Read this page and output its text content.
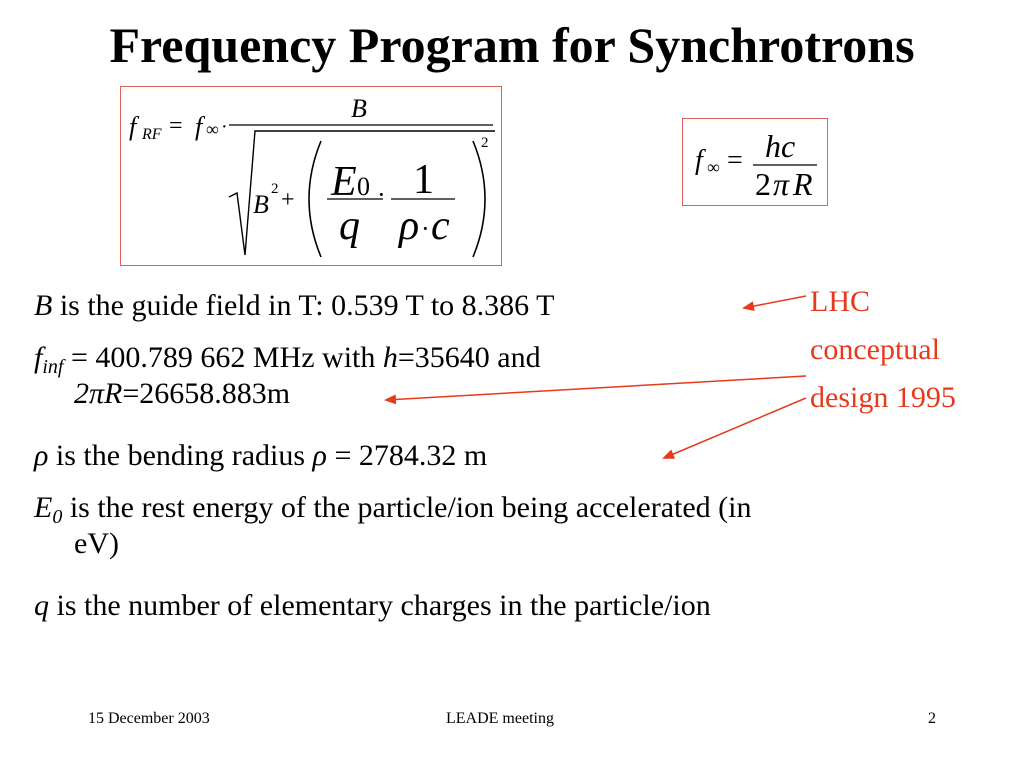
Frequency Program for Synchrotrons
f RF = f ∞ ·
B
B
2 + E 0
q
· 1
ρ · c
2
f ∞ = hc
2 π R
B is the guide field in T: 0.539 T to 8.386 T
$f_{inf} = 400.789$ 662 MHz with h=35640 and
2πR=26658.883m
ρ is the bending radius ρ = 2784.32 m
$E_0$ is the rest energy of the particle/ion being accelerated (in
eV)
q is the number of elementary charges in the particle/ion
LHC
conceptual
design 1995
15 December 2003	LEADE meeting	2
